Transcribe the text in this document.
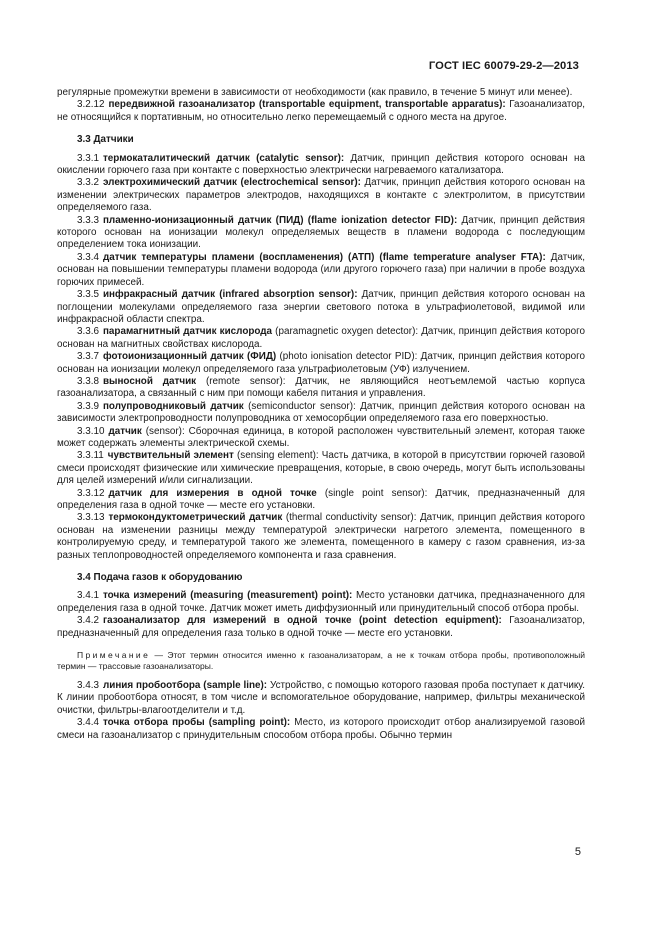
ГОСТ IEC 60079-29-2—2013

регулярные промежутки времени в зависимости от необходимости (как правило, в течение 5 минут или менее).

3.2.12 передвижной газоанализатор (transportable equipment, transportable apparatus): Газоанализатор, не относящийся к портативным, но относительно легко перемещаемый с одного места на другое.

3.3 Датчики

3.3.1 термокаталитический датчик (catalytic sensor): Датчик, принцип действия которого основан на окислении горючего газа при контакте с поверхностью электрически нагреваемого катализатора.

3.3.2 электрохимический датчик (electrochemical sensor): Датчик, принцип действия которого основан на изменении электрических параметров электродов, находящихся в контакте с электролитом, в присутствии определяемого газа.

3.3.3 пламенно-ионизационный датчик (ПИД) (flame ionization detector FID): Датчик, принцип действия которого основан на ионизации молекул определяемых веществ в пламени водорода с последующим определением тока ионизации.

3.3.4 датчик температуры пламени (воспламенения) (АТП) (flame temperature analyser FTA): Датчик, основан на повышении температуры пламени водорода (или другого горючего газа) при наличии в пробе воздуха горючих примесей.

3.3.5 инфракрасный датчик (infrared absorption sensor): Датчик, принцип действия которого основан на поглощении молекулами определяемого газа энергии светового потока в ультрафиолетовой, видимой или инфракрасной области спектра.

3.3.6 парамагнитный датчик кислорода (paramagnetic oxygen detector): Датчик, принцип действия которого основан на магнитных свойствах кислорода.

3.3.7 фотоионизационный датчик (ФИД) (photo ionisation detector PID): Датчик, принцип действия которого основан на ионизации молекул определяемого газа ультрафиолетовым (УФ) излучением.

3.3.8 выносной датчик (remote sensor): Датчик, не являющийся неотъемлемой частью корпуса газоанализатора, а связанный с ним при помощи кабеля питания и управления.

3.3.9 полупроводниковый датчик (semiconductor sensor): Датчик, принцип действия которого основан на зависимости электропроводности полупроводника от хемосорбции определяемого газа его поверхностью.

3.3.10 датчик (sensor): Сборочная единица, в которой расположен чувствительный элемент, которая также может содержать элементы электрической схемы.

3.3.11 чувствительный элемент (sensing element): Часть датчика, в которой в присутствии горючей газовой смеси происходят физические или химические превращения, которые, в свою очередь, могут быть использованы для целей измерений и/или сигнализации.

3.3.12 датчик для измерения в одной точке (single point sensor): Датчик, предназначенный для определения газа в одной точке — месте его установки.

3.3.13 термокондуктометрический датчик (thermal conductivity sensor): Датчик, принцип действия которого основан на изменении разницы между температурой электрически нагретого элемента, помещенного в контролируемую среду, и температурой такого же элемента, помещенного в камеру с газом сравнения, из-за разных теплопроводностей определяемого компонента и газа сравнения.

3.4 Подача газов к оборудованию

3.4.1 точка измерений (measuring (measurement) point): Место установки датчика, предназначенного для определения газа в одной точке. Датчик может иметь диффузионный или принудительный способ отбора пробы.

3.4.2 газоанализатор для измерений в одной точке (point detection equipment): Газоанализатор, предназначенный для определения газа только в одной точке — месте его установки.

Примечание — Этот термин относится именно к газоанализаторам, а не к точкам отбора пробы, противоположный термин — трассовые газоанализаторы.

3.4.3 линия пробоотбора (sample line): Устройство, с помощью которого газовая проба поступает к датчику. К линии пробоотбора относят, в том числе и вспомогательное оборудование, например, фильтры механической очистки, фильтры-влагоотделители и т.д.

3.4.4 точка отбора пробы (sampling point): Место, из которого происходит отбор анализируемой газовой смеси на газоанализатор с принудительным способом отбора пробы. Обычно термин

5
